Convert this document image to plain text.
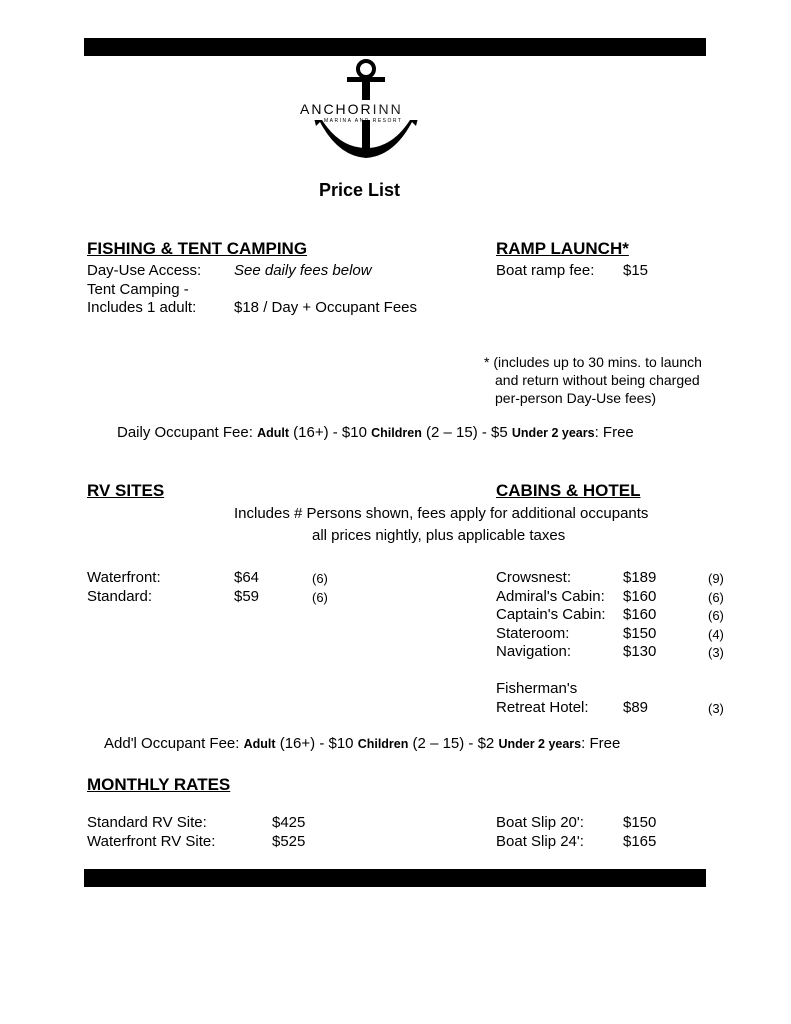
ANCHORINN
MARINA AND RESORT
Price List
FISHING & TENT CAMPING
Day-Use Access: See daily fees below
Tent Camping -
Includes 1 adult:	$18 / Day + Occupant Fees
RAMP LAUNCH*
Boat ramp fee: $15
* (includes up to 30 mins. to launch
and return without being charged
per-person Day-Use fees)
Daily Occupant Fee: Adult (16+) - $10 Children (2 – 15) - $5 Under 2 years: Free
RV SITES	CABINS & HOTEL
Includes # Persons shown, fees apply for additional occupants
all prices nightly, plus applicable taxes
Waterfront:	$64	(6)
Standard:	$59	(6)
Crowsnest:	$189	(9)
Admiral's Cabin: $160	(6)
Captain's Cabin: $160	(6)
Stateroom:	$150	(4)
Navigation:	$130	(3)
Fisherman's
Retreat Hotel: $89	(3)
Add'l Occupant Fee: Adult (16+) - $10 Children (2 – 15) - $2 Under 2 years: Free
MONTHLY RATES
Standard RV Site:	$425
Waterfront RV Site:	$525
Boat Slip 20':	$150
Boat Slip 24':	$165
